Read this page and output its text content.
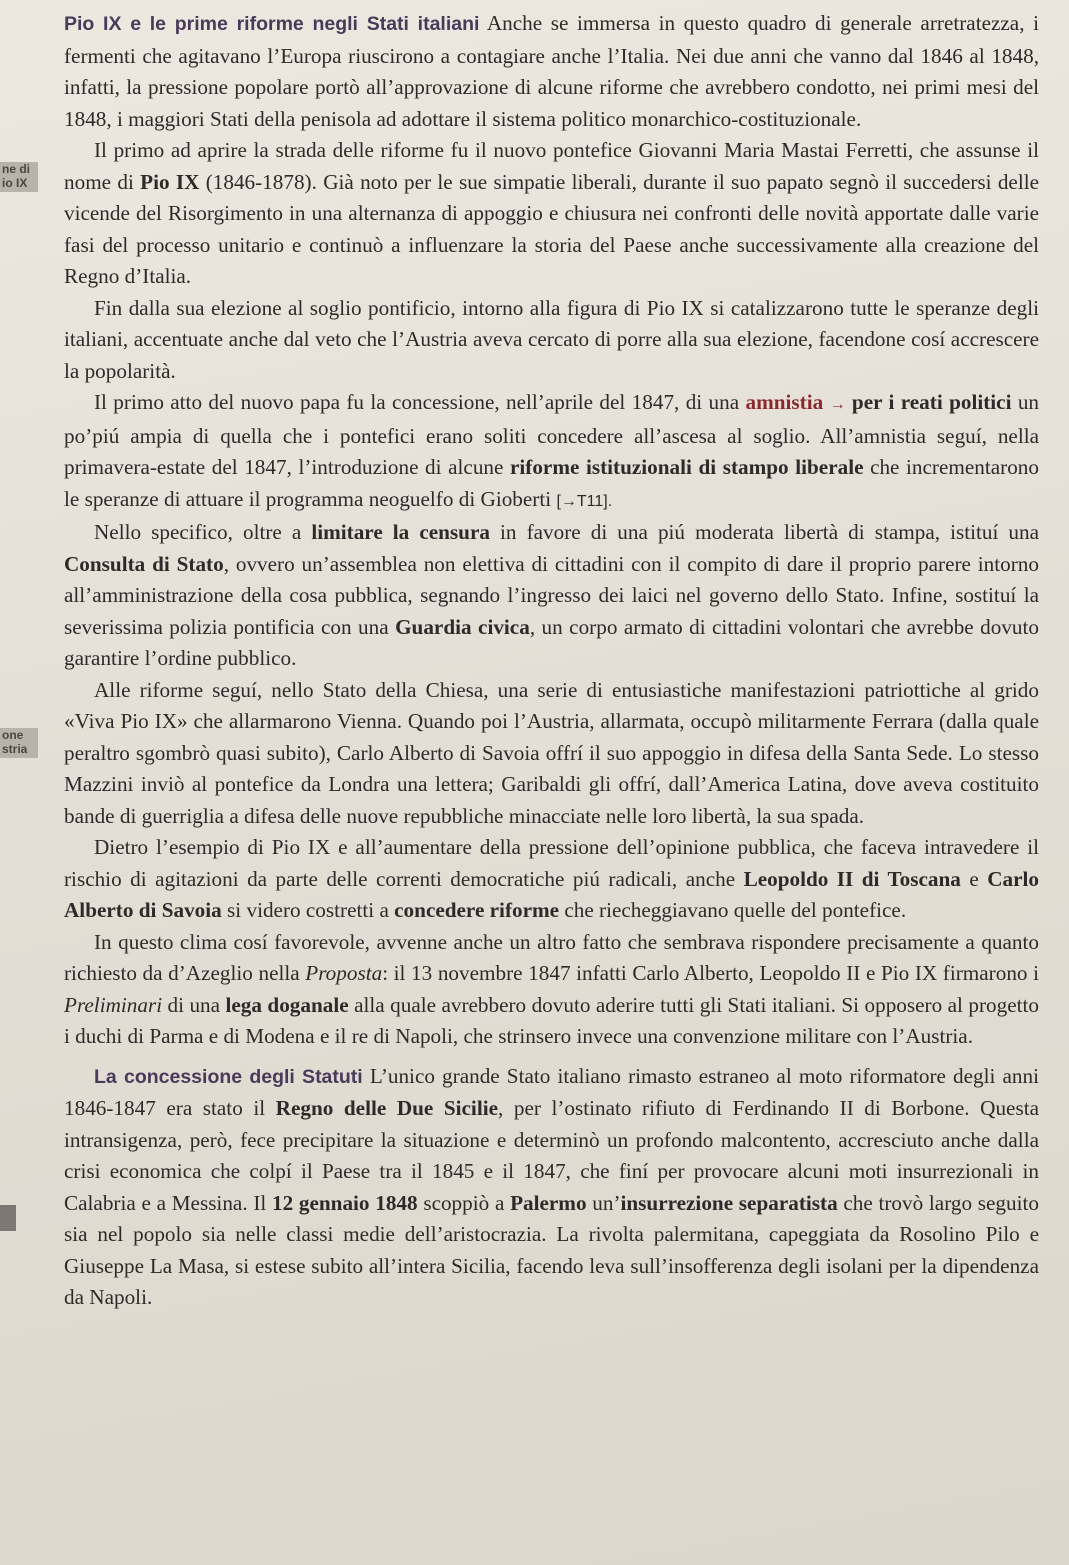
ne di
io IX
one
stria

Pio IX e le prime riforme negli Stati italiani Anche se immersa in questo quadro di generale arretratezza, i fermenti che agitavano l’Europa riuscirono a contagiare anche l’Italia. Nei due anni che vanno dal 1846 al 1848, infatti, la pressione popolare portò all’approvazione di alcune riforme che avrebbero condotto, nei primi mesi del 1848, i maggiori Stati della penisola ad adottare il sistema politico monarchico-costituzionale.

Il primo ad aprire la strada delle riforme fu il nuovo pontefice Giovanni Maria Mastai Ferretti, che assunse il nome di Pio IX (1846-1878). Già noto per le sue simpatie liberali, durante il suo papato segnò il succedersi delle vicende del Risorgimento in una alternanza di appoggio e chiusura nei confronti delle novità apportate dalle varie fasi del processo unitario e continuò a influenzare la storia del Paese anche successivamente alla creazione del Regno d’Italia.

Fin dalla sua elezione al soglio pontificio, intorno alla figura di Pio IX si catalizzarono tutte le speranze degli italiani, accentuate anche dal veto che l’Austria aveva cercato di porre alla sua elezione, facendone cosí accrescere la popolarità.

Il primo atto del nuovo papa fu la concessione, nell’aprile del 1847, di una amnistia → per i reati politici un po’piú ampia di quella che i pontefici erano soliti concedere all’ascesa al soglio. All’amnistia seguí, nella primavera-estate del 1847, l’introduzione di alcune riforme istituzionali di stampo liberale che incrementarono le speranze di attuare il programma neoguelfo di Gioberti [→T11].

Nello specifico, oltre a limitare la censura in favore di una piú moderata libertà di stampa, istituí una Consulta di Stato, ovvero un’assemblea non elettiva di cittadini con il compito di dare il proprio parere intorno all’amministrazione della cosa pubblica, segnando l’ingresso dei laici nel governo dello Stato. Infine, sostituí la severissima polizia pontificia con una Guardia civica, un corpo armato di cittadini volontari che avrebbe dovuto garantire l’ordine pubblico.

Alle riforme seguí, nello Stato della Chiesa, una serie di entusiastiche manifestazioni patriottiche al grido «Viva Pio IX» che allarmarono Vienna. Quando poi l’Austria, allarmata, occupò militarmente Ferrara (dalla quale peraltro sgombrò quasi subito), Carlo Alberto di Savoia offrí il suo appoggio in difesa della Santa Sede. Lo stesso Mazzini inviò al pontefice da Londra una lettera; Garibaldi gli offrí, dall’America Latina, dove aveva costituito bande di guerriglia a difesa delle nuove repubbliche minacciate nelle loro libertà, la sua spada.

Dietro l’esempio di Pio IX e all’aumentare della pressione dell’opinione pubblica, che faceva intravedere il rischio di agitazioni da parte delle correnti democratiche piú radicali, anche Leopoldo II di Toscana e Carlo Alberto di Savoia si videro costretti a concedere riforme che riecheggiavano quelle del pontefice.

In questo clima cosí favorevole, avvenne anche un altro fatto che sembrava rispondere precisamente a quanto richiesto da d’Azeglio nella Proposta: il 13 novembre 1847 infatti Carlo Alberto, Leopoldo II e Pio IX firmarono i Preliminari di una lega doganale alla quale avrebbero dovuto aderire tutti gli Stati italiani. Si opposero al progetto i duchi di Parma e di Modena e il re di Napoli, che strinsero invece una convenzione militare con l’Austria.

La concessione degli Statuti L’unico grande Stato italiano rimasto estraneo al moto riformatore degli anni 1846-1847 era stato il Regno delle Due Sicilie, per l’ostinato rifiuto di Ferdinando II di Borbone. Questa intransigenza, però, fece precipitare la situazione e determinò un profondo malcontento, accresciuto anche dalla crisi economica che colpí il Paese tra il 1845 e il 1847, che finí per provocare alcuni moti insurrezionali in Calabria e a Messina. Il 12 gennaio 1848 scoppiò a Palermo un’insurrezione separatista che trovò largo seguito sia nel popolo sia nelle classi medie dell’aristocrazia. La rivolta palermitana, capeggiata da Rosolino Pilo e Giuseppe La Masa, si estese subito all’intera Sicilia, facendo leva sull’insofferenza degli isolani per la dipendenza da Napoli.
